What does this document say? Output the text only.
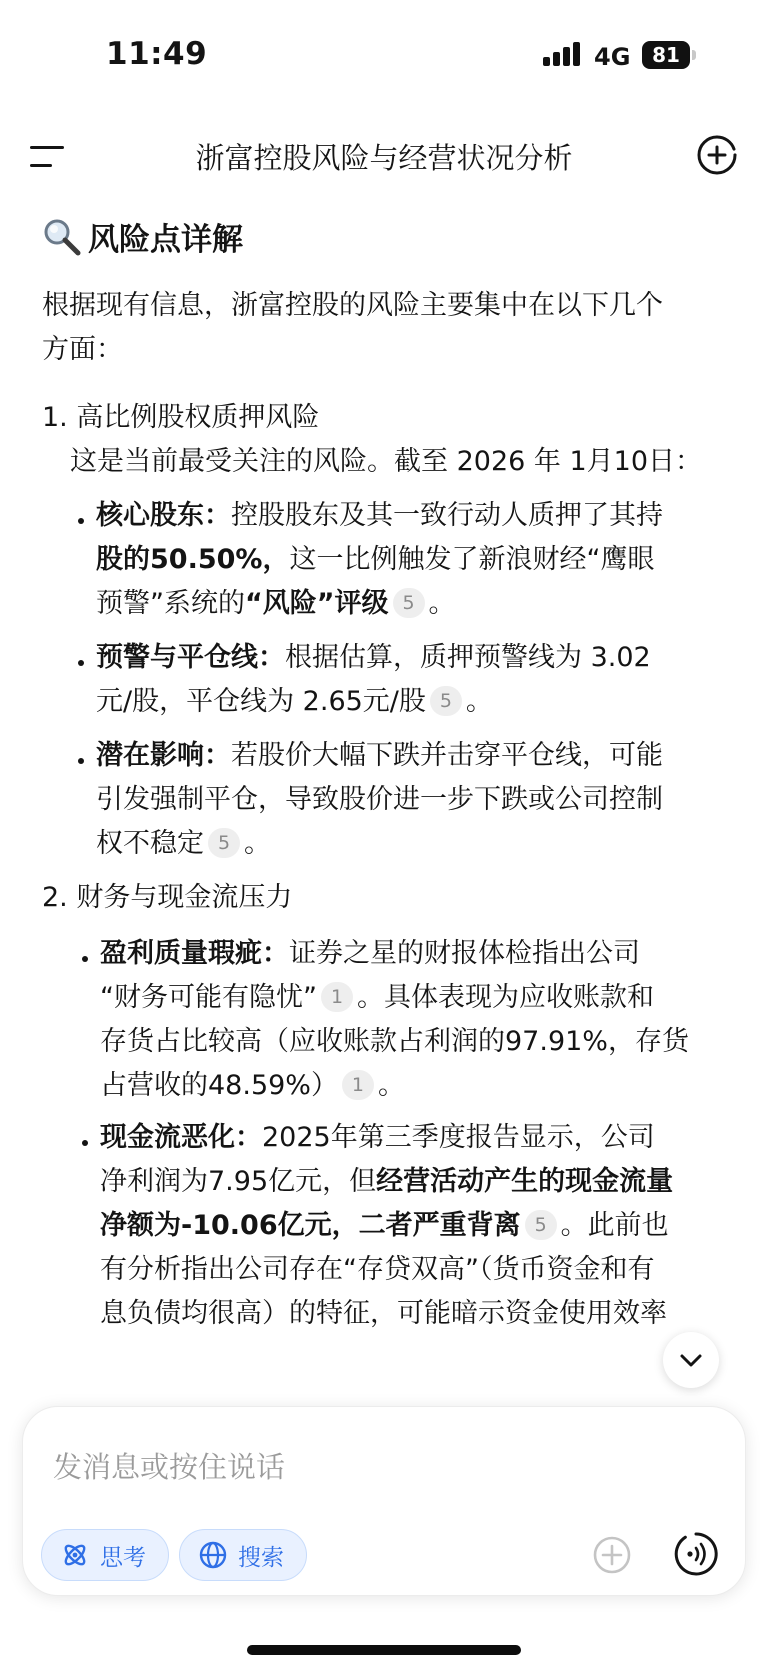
11:49	4G	81
浙富控股风险与经营状况分析
风险点详解
根据现有信息，浙富控股的风险主要集中在以下几个
方面：
1. 高比例股权质押风险
这是当前最受关注的风险。截至 2026 年 1月10日：
核心股东：控股股东及其一致行动人质押了其持
股的50.50%，这一比例触发了新浪财经“鹰眼
预警”系统的“风险”评级 5 。
预警与平仓线：根据估算，质押预警线为 3.02
元/股，平仓线为 2.65元/股 5 。
潜在影响：若股价大幅下跌并击穿平仓线，可能
引发强制平仓，导致股价进一步下跌或公司控制
权不稳定 5 。
2. 财务与现金流压力
盈利质量瑕疵：证券之星的财报体检指出公司
“财务可能有隐忧” 1 。具体表现为应收账款和
存货占比较高（应收账款占利润的97.91%，存货
占营收的48.59%） 1 。
现金流恶化：2025年第三季度报告显示，公司
净利润为7.95亿元，但经营活动产生的现金流量
净额为-10.06亿元，二者严重背离 5 。此前也
有分析指出公司存在“存贷双高”（货币资金和有
息负债均很高）的特征，可能暗示资金使用效率
发消息或按住说话
思考	搜索
